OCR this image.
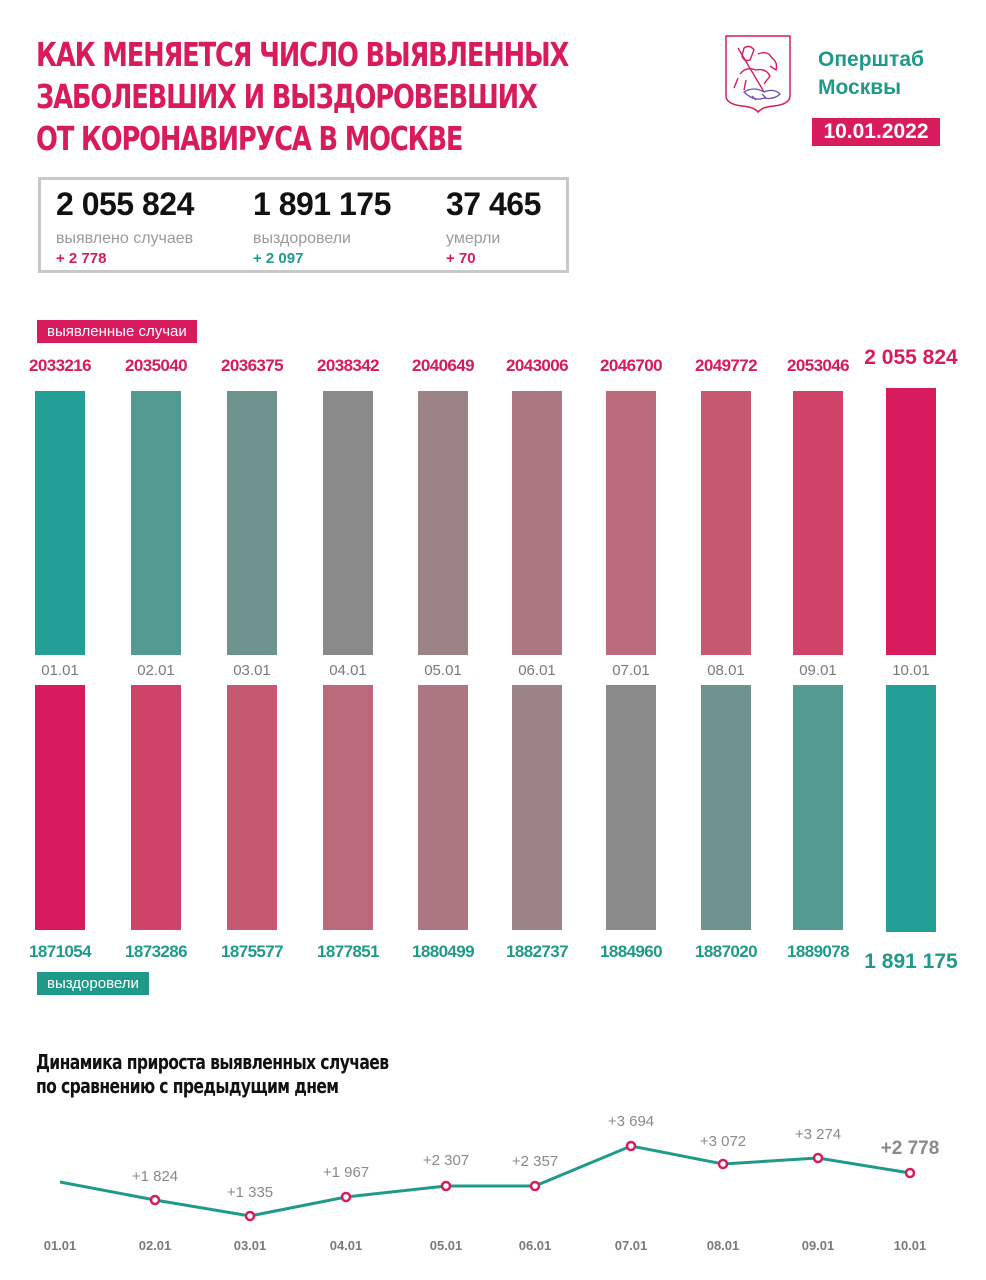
КАК МЕНЯЕТСЯ ЧИСЛО ВЫЯВЛЕННЫХ
ЗАБОЛЕВШИХ И ВЫЗДОРОВЕВШИХ
ОТ КОРОНАВИРУСА В МОСКВЕ
Оперштаб
Москвы
10.01.2022
2 055 824
выявлено случаев
+ 2 778
1 891 175
выздоровели
+ 2 097
37 465
умерли
+ 70
выявленные случаи
выздоровели
2033216
01.01
1871054
2035040
02.01
1873286
2036375
03.01
1875577
2038342
04.01
1877851
2040649
05.01
1880499
2043006
06.01
1882737
2046700
07.01
1884960
2049772
08.01
1887020
2053046
09.01
1889078
2 055 824
10.01
1 891 175
Динамика прироста выявленных случаев
по сравнению с предыдущим днем
01.01
+1 824
02.01
+1 335
03.01
+1 967
04.01
+2 307
05.01
+2 357
06.01
+3 694
07.01
+3 072
08.01
+3 274
09.01
+2 778
10.01
